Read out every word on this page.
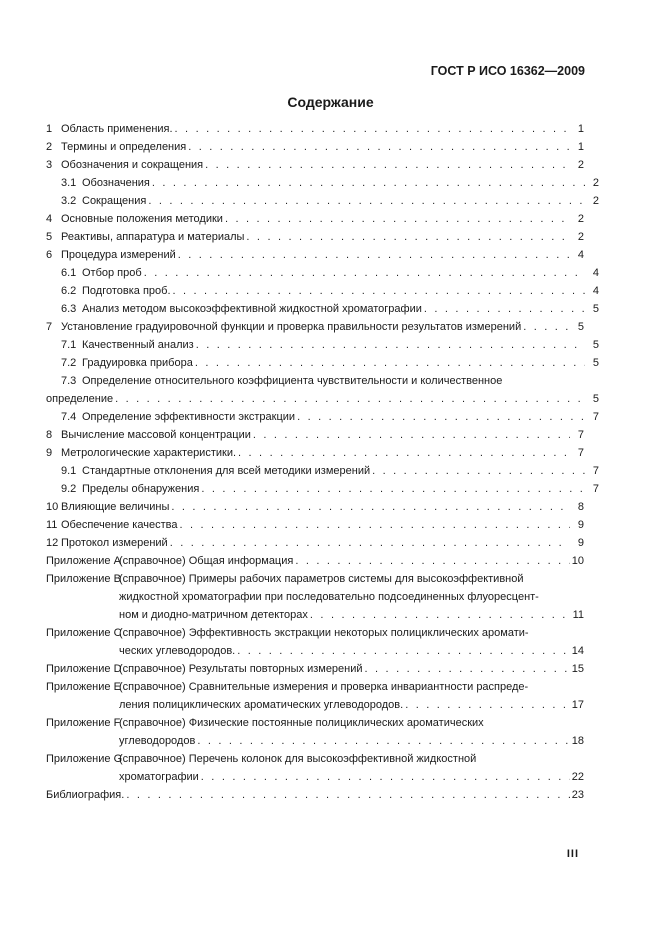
ГОСТ Р ИСО 16362—2009
Содержание
1 Область применения. . . .	1
2 Термины и определения . . .	1
3 Обозначения и сокращения . . .	2
3.1 Обозначения . . .	2
3.2 Сокращения . . .	2
4 Основные положения методики . . .	2
5 Реактивы, аппаратура и материалы . . .	2
6 Процедура измерений . . .	4
6.1 Отбор проб . . .	4
6.2 Подготовка проб. . . .	4
6.3 Анализ методом высокоэффективной жидкостной хроматографии . . .	5
7 Установление градуировочной функции и проверка правильности результатов измерений . . .	5
7.1 Качественный анализ . . .	5
7.2 Градуировка прибора . . .	5
7.3 Определение относительного коэффициента чувствительности и количественное
определение . . .	5
7.4 Определение эффективности экстракции . . .	7
8 Вычисление массовой концентрации . . .	7
9 Метрологические характеристики. . . .	7
9.1 Стандартные отклонения для всей методики измерений . . .	7
9.2 Пределы обнаружения . . .	7
10 Влияющие величины . . .	8
11 Обеспечение качества . . .	9
12 Протокол измерений . . .	9
Приложение А
(справочное) Общая информация . . .	10
Приложение В
(справочное) Примеры рабочих параметров системы для высокоэффективной
жидкостной хроматографии при последовательно подсоединенных флуоресцент-
ном и диодно-матричном детекторах . . .	11
Приложение С
(справочное) Эффективность экстракции некоторых полициклических аромати-
ческих углеводородов. . . .	14
Приложение D
(справочное) Результаты повторных измерений . . .	15
Приложение Е
(справочное) Сравнительные измерения и проверка инвариантности распреде-
ления полициклических ароматических углеводородов. . . .	17
Приложение F
(справочное) Физические постоянные полициклических ароматических
углеводородов . . .	18
Приложение G
(справочное) Перечень колонок для высокоэффективной жидкостной
хроматографии . . .	22
Библиография. . . .	23
III
